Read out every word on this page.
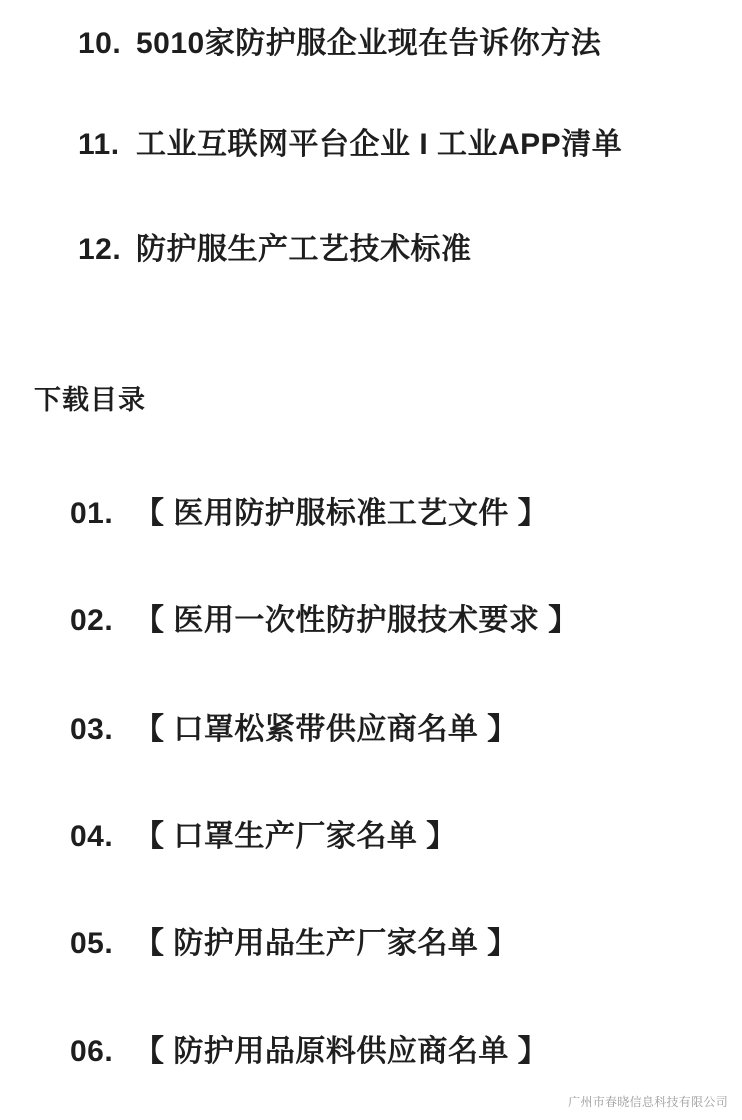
10. 5010家防护服企业现在告诉你方法
11. 工业互联网平台企业 I 工业APP清单
12. 防护服生产工艺技术标准
下载目录
01. 【 医用防护服标准工艺文件 】
02. 【 医用一次性防护服技术要求 】
03. 【 口罩松紧带供应商名单 】
04. 【 口罩生产厂家名单 】
05. 【 防护用品生产厂家名单 】
06. 【 防护用品原料供应商名单 】
广州市春晓信息科技有限公司
